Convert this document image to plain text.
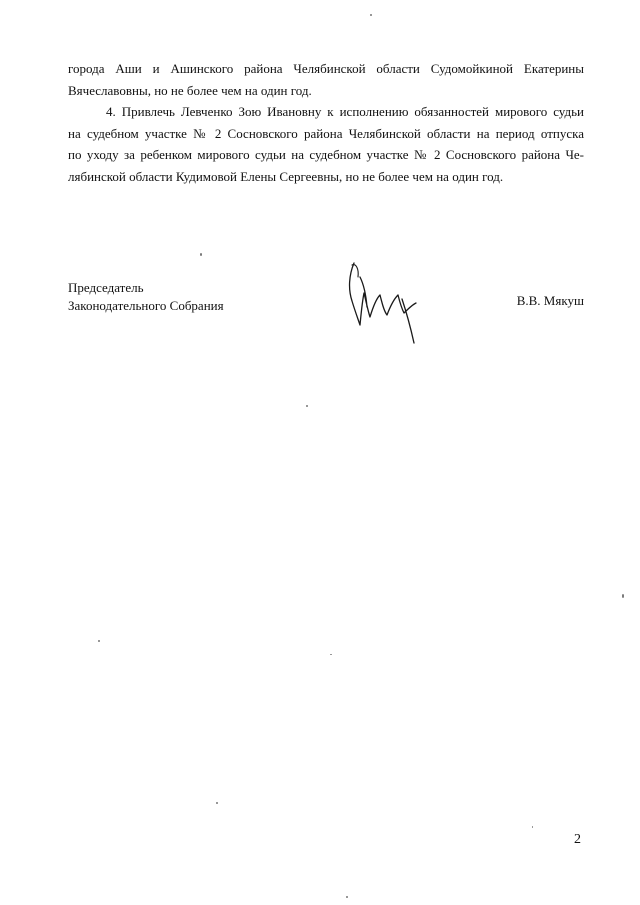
города Аши и Ашинского района Челябинской области Судомойкиной Екатерины
Вячеславовны, но не более чем на один год.
4. Привлечь Левченко Зою Ивановну к исполнению обязанностей мирового судьи
на судебном участке № 2 Сосновского района Челябинской области на период отпуска
по уходу за ребенком мирового судьи на судебном участке № 2 Сосновского района Че-
лябинской области Кудимовой Елены Сергеевны, но не более чем на один год.
Председатель
Законодательного Собрания	В.В. Мякуш
2
